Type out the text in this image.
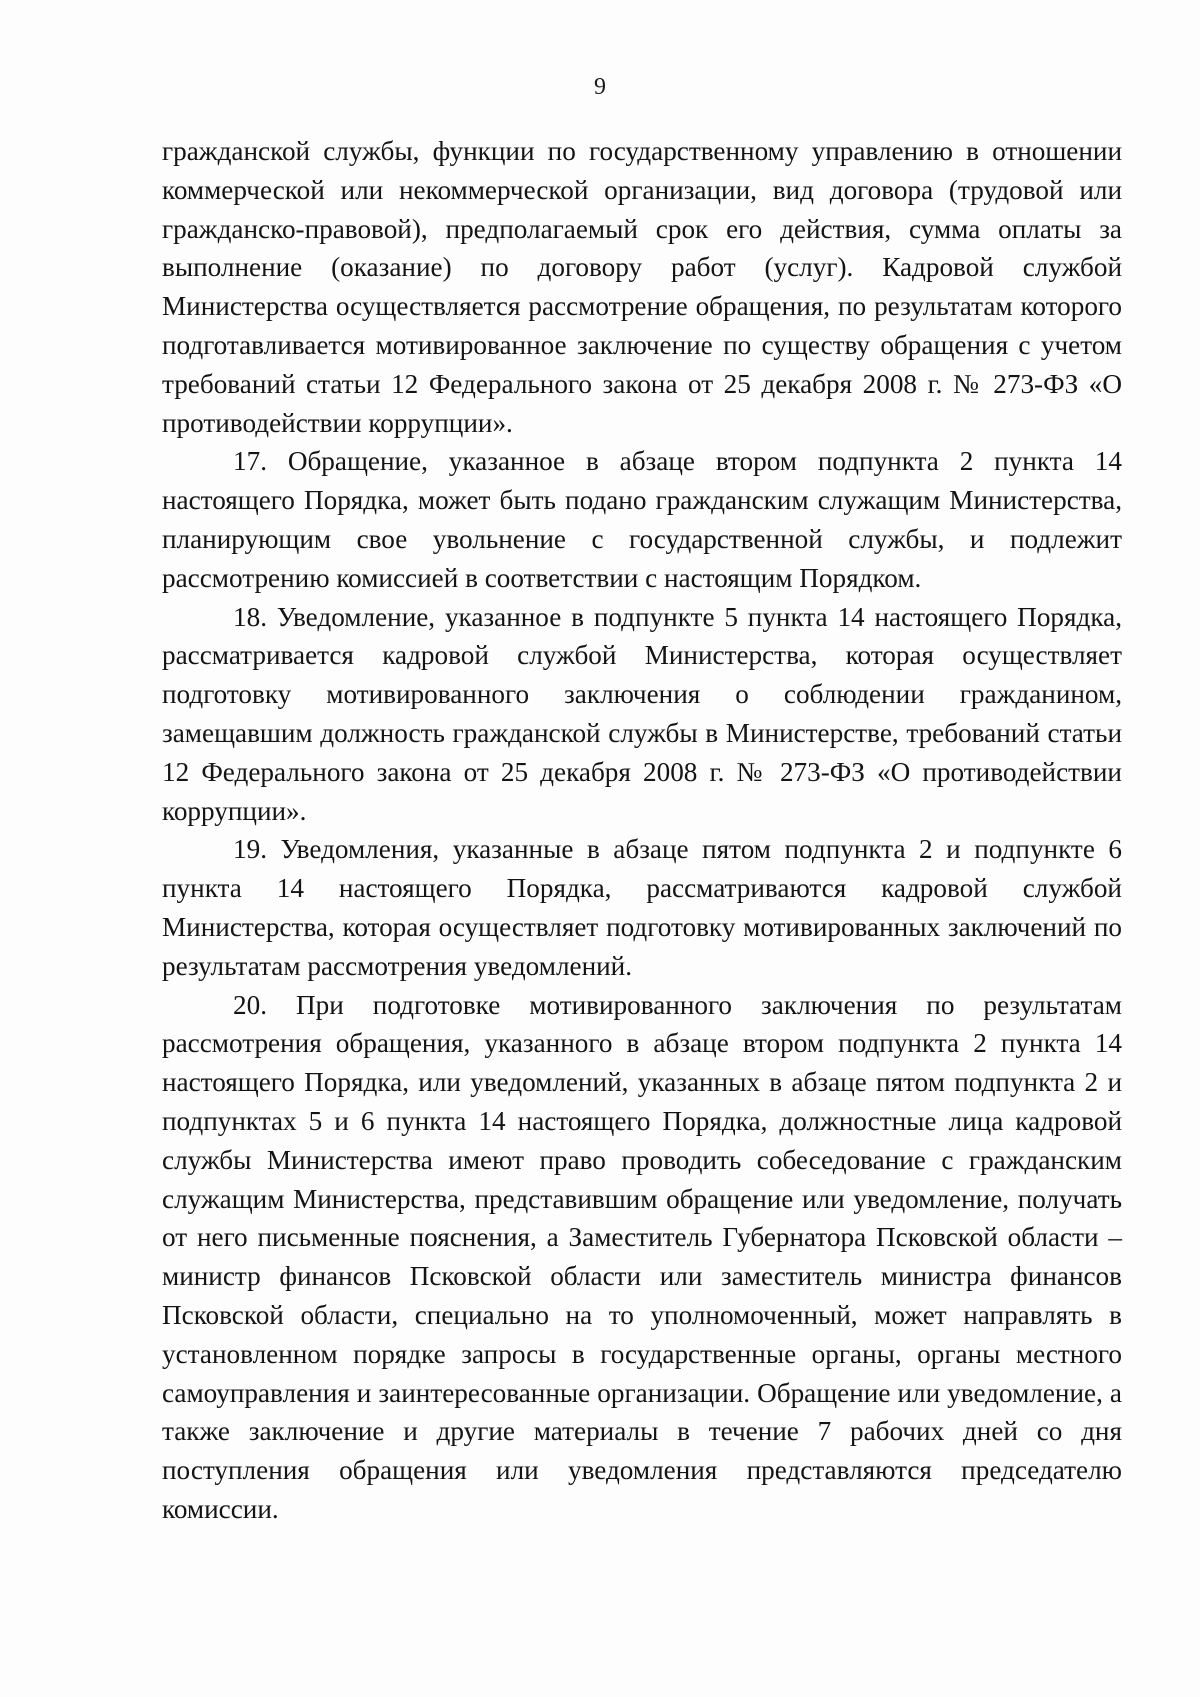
9

гражданской службы, функции по государственному управлению в отношении коммерческой или некоммерческой организации, вид договора (трудовой или гражданско-правовой), предполагаемый срок его действия, сумма оплаты за выполнение (оказание) по договору работ (услуг). Кадровой службой Министерства осуществляется рассмотрение обращения, по результатам которого подготавливается мотивированное заключение по существу обращения с учетом требований статьи 12 Федерального закона от 25 декабря 2008 г. № 273-ФЗ «О противодействии коррупции».

17. Обращение, указанное в абзаце втором подпункта 2 пункта 14 настоящего Порядка, может быть подано гражданским служащим Министерства, планирующим свое увольнение с государственной службы, и подлежит рассмотрению комиссией в соответствии с настоящим Порядком.

18. Уведомление, указанное в подпункте 5 пункта 14 настоящего Порядка, рассматривается кадровой службой Министерства, которая осуществляет подготовку мотивированного заключения о соблюдении гражданином, замещавшим должность гражданской службы в Министерстве, требований статьи 12 Федерального закона от 25 декабря 2008 г. № 273-ФЗ «О противодействии коррупции».

19. Уведомления, указанные в абзаце пятом подпункта 2 и подпункте 6 пункта 14 настоящего Порядка, рассматриваются кадровой службой Министерства, которая осуществляет подготовку мотивированных заключений по результатам рассмотрения уведомлений.

20. При подготовке мотивированного заключения по результатам рассмотрения обращения, указанного в абзаце втором подпункта 2 пункта 14 настоящего Порядка, или уведомлений, указанных в абзаце пятом подпункта 2 и подпунктах 5 и 6 пункта 14 настоящего Порядка, должностные лица кадровой службы Министерства имеют право проводить собеседование с гражданским служащим Министерства, представившим обращение или уведомление, получать от него письменные пояснения, а Заместитель Губернатора Псковской области – министр финансов Псковской области или заместитель министра финансов Псковской области, специально на то уполномоченный, может направлять в установленном порядке запросы в государственные органы, органы местного самоуправления и заинтересованные организации. Обращение или уведомление, а также заключение и другие материалы в течение 7 рабочих дней со дня поступления обращения или уведомления представляются председателю комиссии.
